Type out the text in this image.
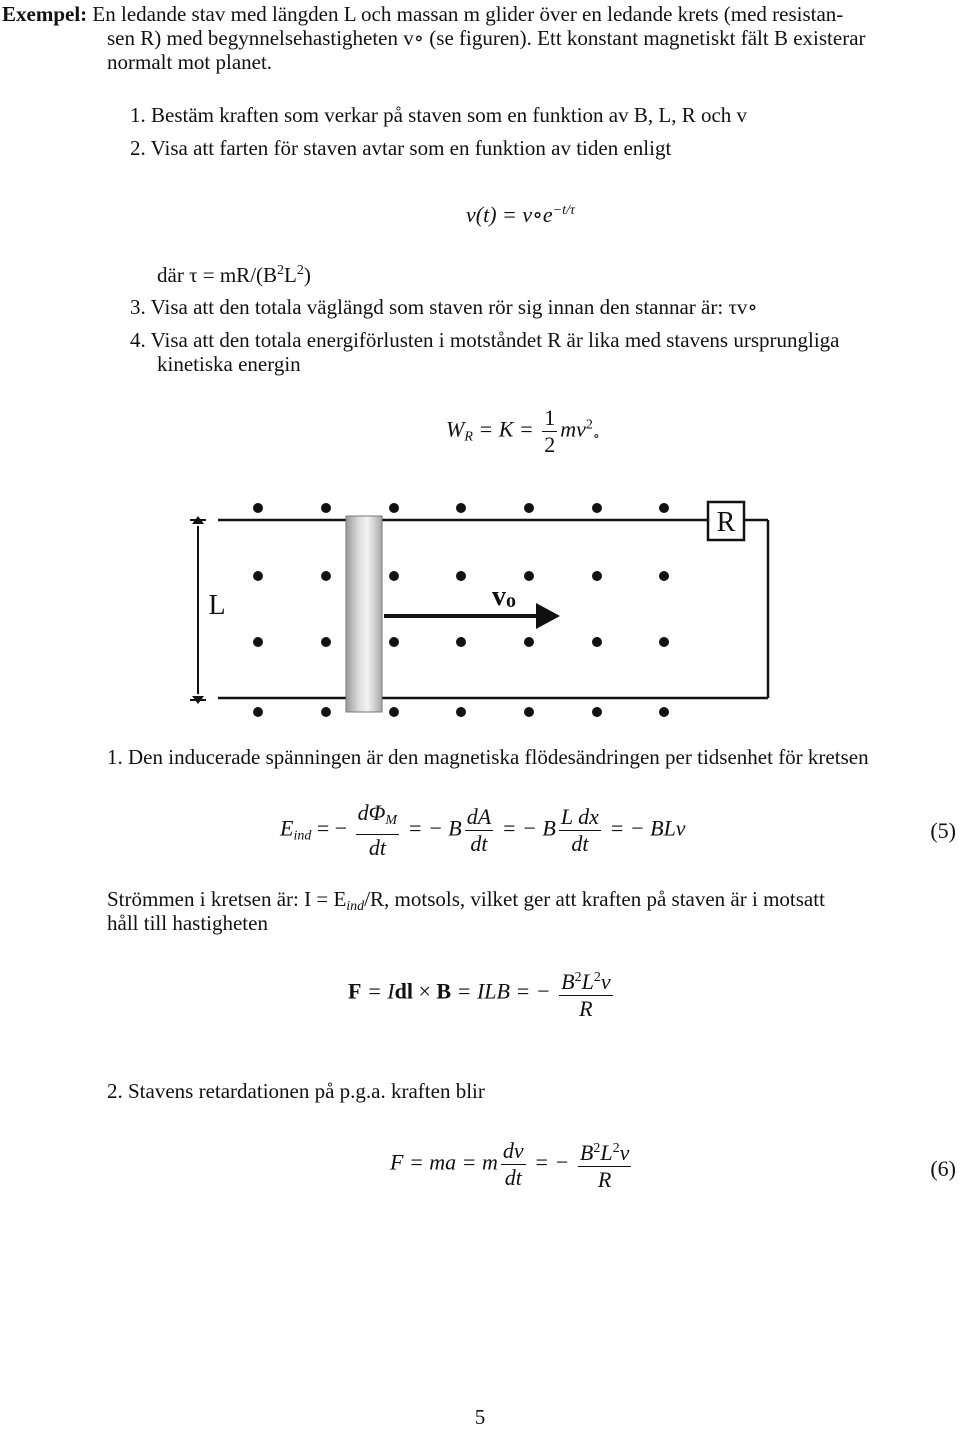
Exempel: En ledande stav med längden L och massan m glider över en ledande krets (med resistan-
sen R) med begynnelsehastigheten v∘ (se figuren). Ett konstant magnetiskt fält B existerar
normalt mot planet.
1. Bestäm kraften som verkar på staven som en funktion av B, L, R och v
2. Visa att farten för staven avtar som en funktion av tiden enligt
$v(t) = v\circ e^{-t/\tau}$
där $\tau = mR/(B^2L^2)$
3. Visa att den totala väglängd som staven rör sig innan den stannar är: τv∘
4. Visa att den totala energiförlusten i motståndet R är lika med stavens ursprungliga
kinetiska energin
$W_R = K = \frac{1}{2} mv^2_\circ$
R
L	vo
1. Den inducerade spänningen är den magnetiska flödesändringen per tidsenhet för kretsen
$E_{ind}$ = − $\frac{d\Phi_M}{dt}$ = − B $\frac{dA}{dt}$ = − B $\frac{\text{L dx}}{dt}$ = − BLv	(5)
Strömmen i kretsen är: $I = E_{ind}/R$, motsols, vilket ger att kraften på staven är i motsatt
håll till hastigheten
F = Idl × B = ILB = − $\frac{B^2L^2v}{R}$
2. Stavens retardationen på p.g.a. kraften blir
F = ma = m $\frac{dv}{dt}$ = − $\frac{B^2L^2v}{R}$	(6)
5
